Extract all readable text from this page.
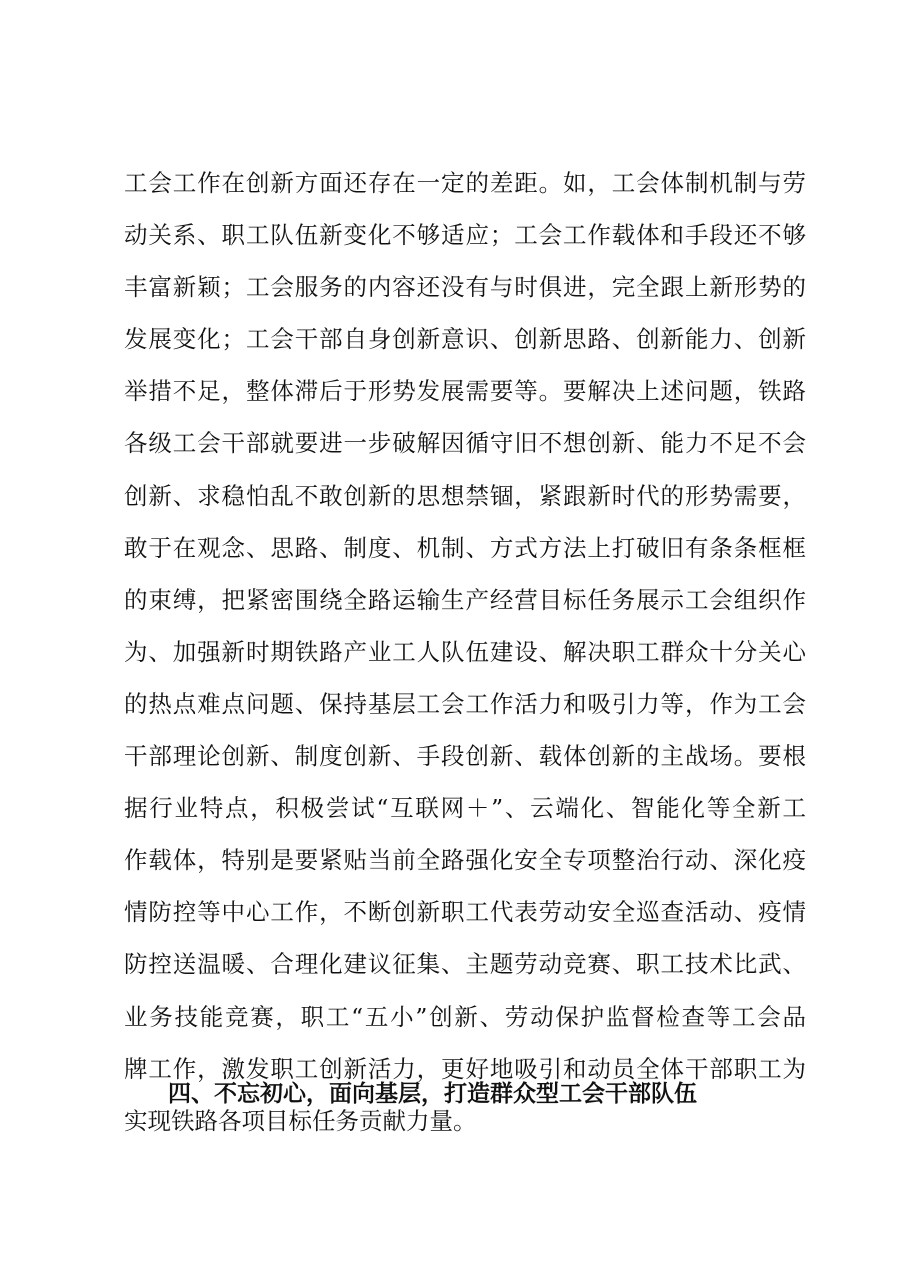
工会工作在创新方面还存在一定的差距。如，工会体制机制与劳
动关系、职工队伍新变化不够适应；工会工作载体和手段还不够
丰富新颖；工会服务的内容还没有与时俱进，完全跟上新形势的
发展变化；工会干部自身创新意识、创新思路、创新能力、创新
举措不足，整体滞后于形势发展需要等。要解决上述问题，铁路
各级工会干部就要进一步破解因循守旧不想创新、能力不足不会
创新、求稳怕乱不敢创新的思想禁锢，紧跟新时代的形势需要，
敢于在观念、思路、制度、机制、方式方法上打破旧有条条框框
的束缚，把紧密围绕全路运输生产经营目标任务展示工会组织作
为、加强新时期铁路产业工人队伍建设、解决职工群众十分关心
的热点难点问题、保持基层工会工作活力和吸引力等，作为工会
干部理论创新、制度创新、手段创新、载体创新的主战场。要根
据行业特点，积极尝试“互联网＋”、云端化、智能化等全新工
作载体，特别是要紧贴当前全路强化安全专项整治行动、深化疫
情防控等中心工作，不断创新职工代表劳动安全巡查活动、疫情
防控送温暖、合理化建议征集、主题劳动竞赛、职工技术比武、
业务技能竞赛，职工“五小”创新、劳动保护监督检查等工会品
牌工作，激发职工创新活力，更好地吸引和动员全体干部职工为
实现铁路各项目标任务贡献力量。
四、不忘初心，面向基层，打造群众型工会干部队伍
